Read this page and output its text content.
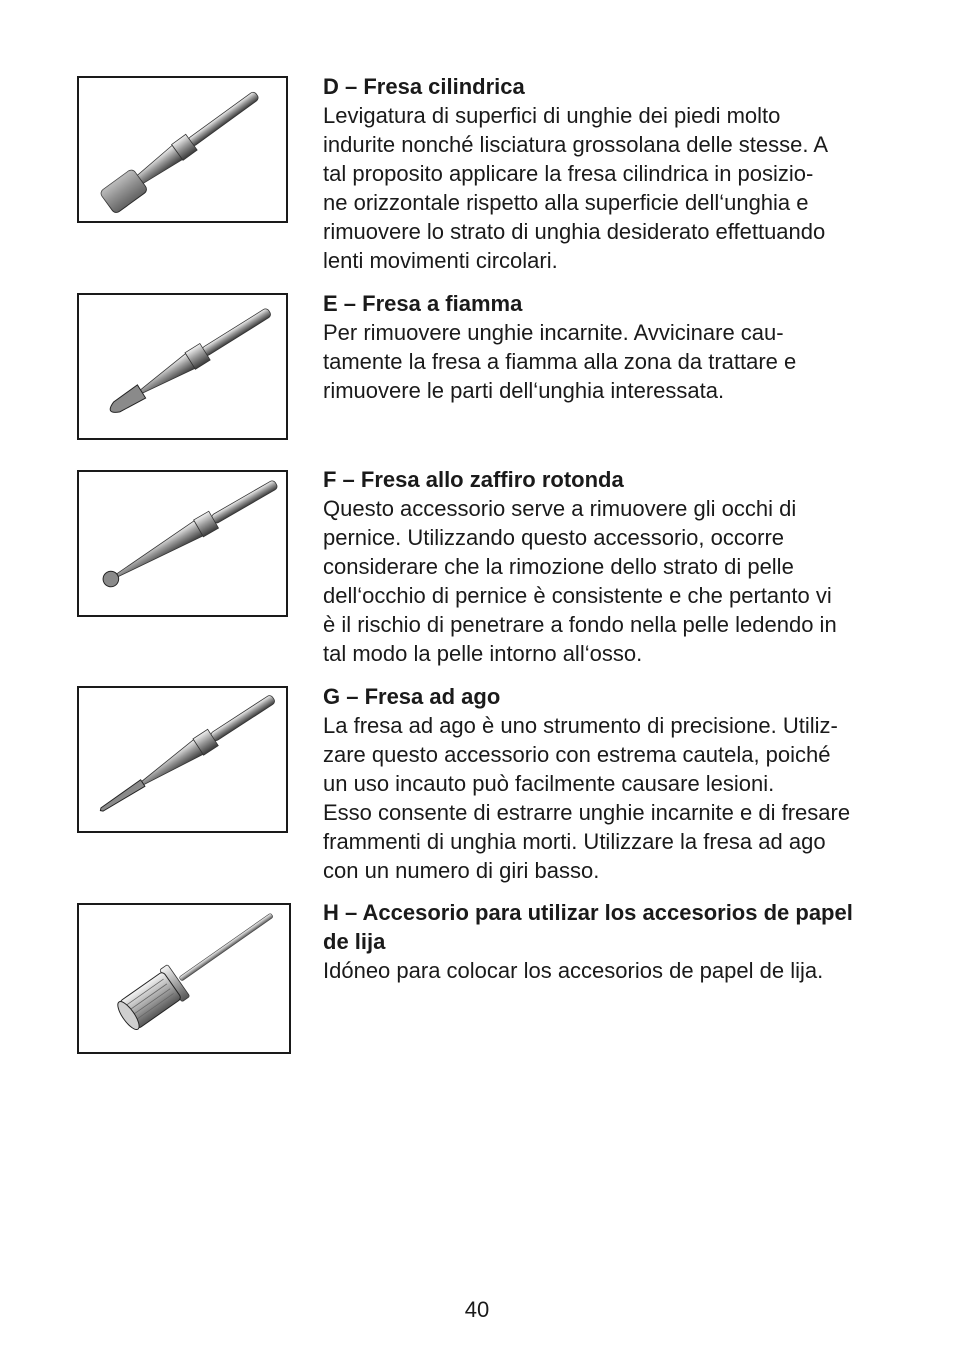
D – Fresa cilindrica
Levigatura di superfici di unghie dei piedi molto
indurite nonché lisciatura grossolana delle stesse. A
tal proposito applicare la fresa cilindrica in posizio-
ne orizzontale rispetto alla superficie dell‘unghia e
rimuovere lo strato di unghia desiderato effettuando
lenti movimenti circolari.
E – Fresa a fiamma
Per rimuovere unghie incarnite. Avvicinare cau-
tamente la fresa a fiamma alla zona da trattare e
rimuovere le parti dell‘unghia interessata.
F – Fresa allo zaffiro rotonda
Questo accessorio serve a rimuovere gli occhi di
pernice. Utilizzando questo accessorio, occorre
considerare che la rimozione dello strato di pelle
dell‘occhio di pernice è consistente e che pertanto vi
è il rischio di penetrare a fondo nella pelle ledendo in
tal modo la pelle intorno all‘osso.
G – Fresa ad ago
La fresa ad ago è uno strumento di precisione. Utiliz-
zare questo accessorio con estrema cautela, poiché
un uso incauto può facilmente causare lesioni.
Esso consente di estrarre unghie incarnite e di fresare
frammenti di unghia morti. Utilizzare la fresa ad ago
con un numero di giri basso.
H – Accesorio para utilizar los accesorios de papel
de lija
Idóneo para colocar los accesorios de papel de lija.
40
